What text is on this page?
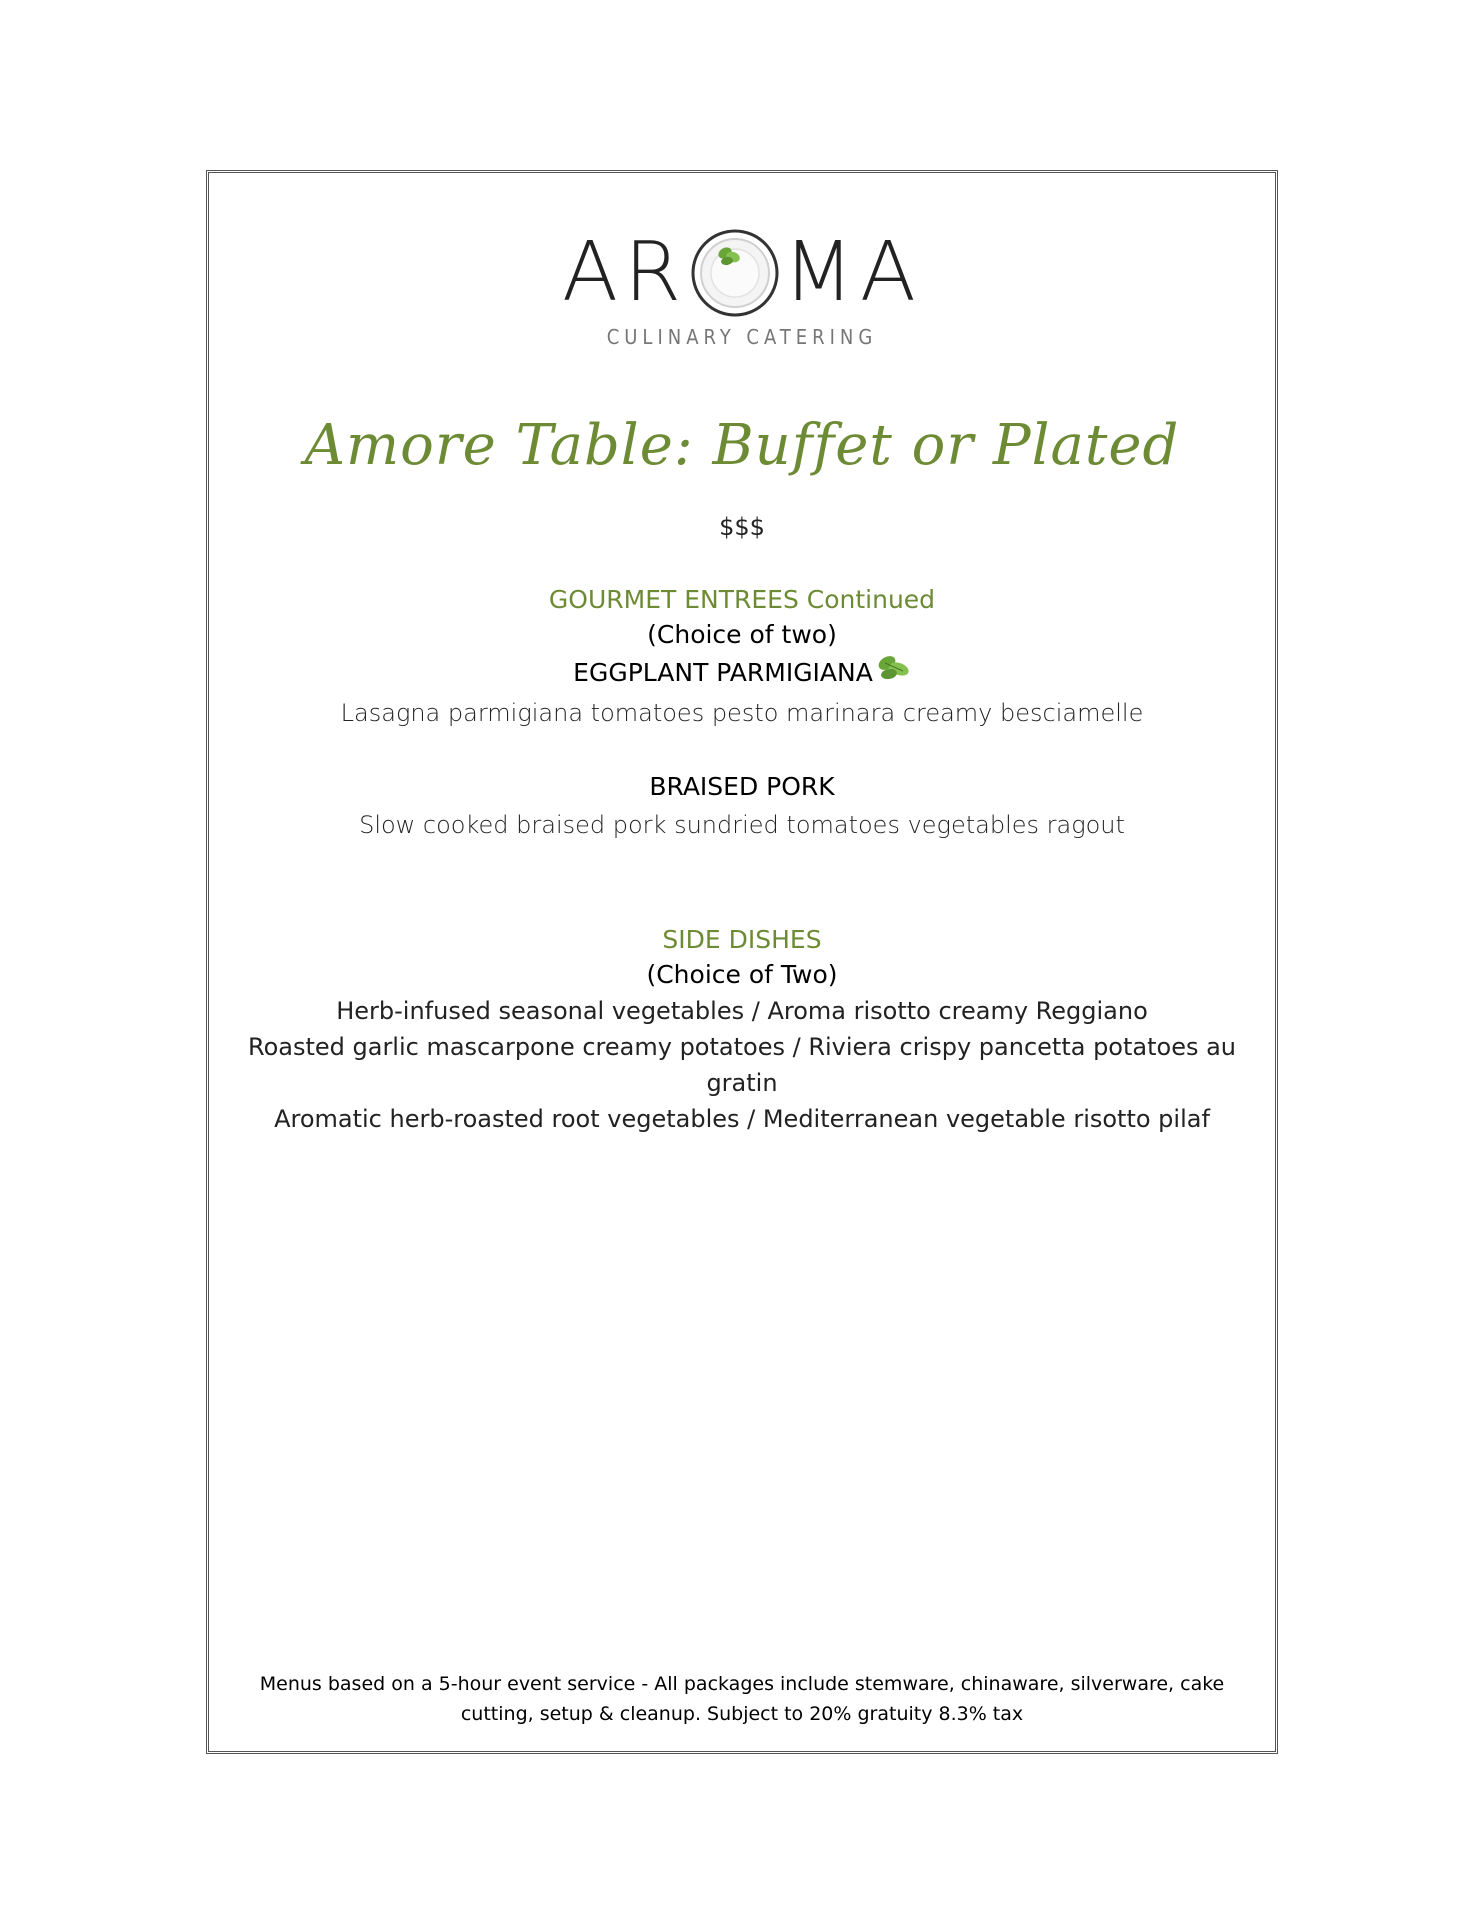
AR MA
CULINARY CATERING
Amore Table: Buffet or Plated
$$$
GOURMET ENTREES Continued
(Choice of two)
EGGPLANT PARMIGIANA
Lasagna parmigiana tomatoes pesto marinara creamy besciamelle
BRAISED PORK
Slow cooked braised pork sundried tomatoes vegetables ragout
SIDE DISHES
(Choice of Two)
Herb-infused seasonal vegetables / Aroma risotto creamy Reggiano
Roasted garlic mascarpone creamy potatoes / Riviera crispy pancetta potatoes au gratin
Aromatic herb-roasted root vegetables / Mediterranean vegetable risotto pilaf
Menus based on a 5-hour event service - All packages include stemware, chinaware, silverware, cake
cutting, setup & cleanup. Subject to 20% gratuity 8.3% tax
